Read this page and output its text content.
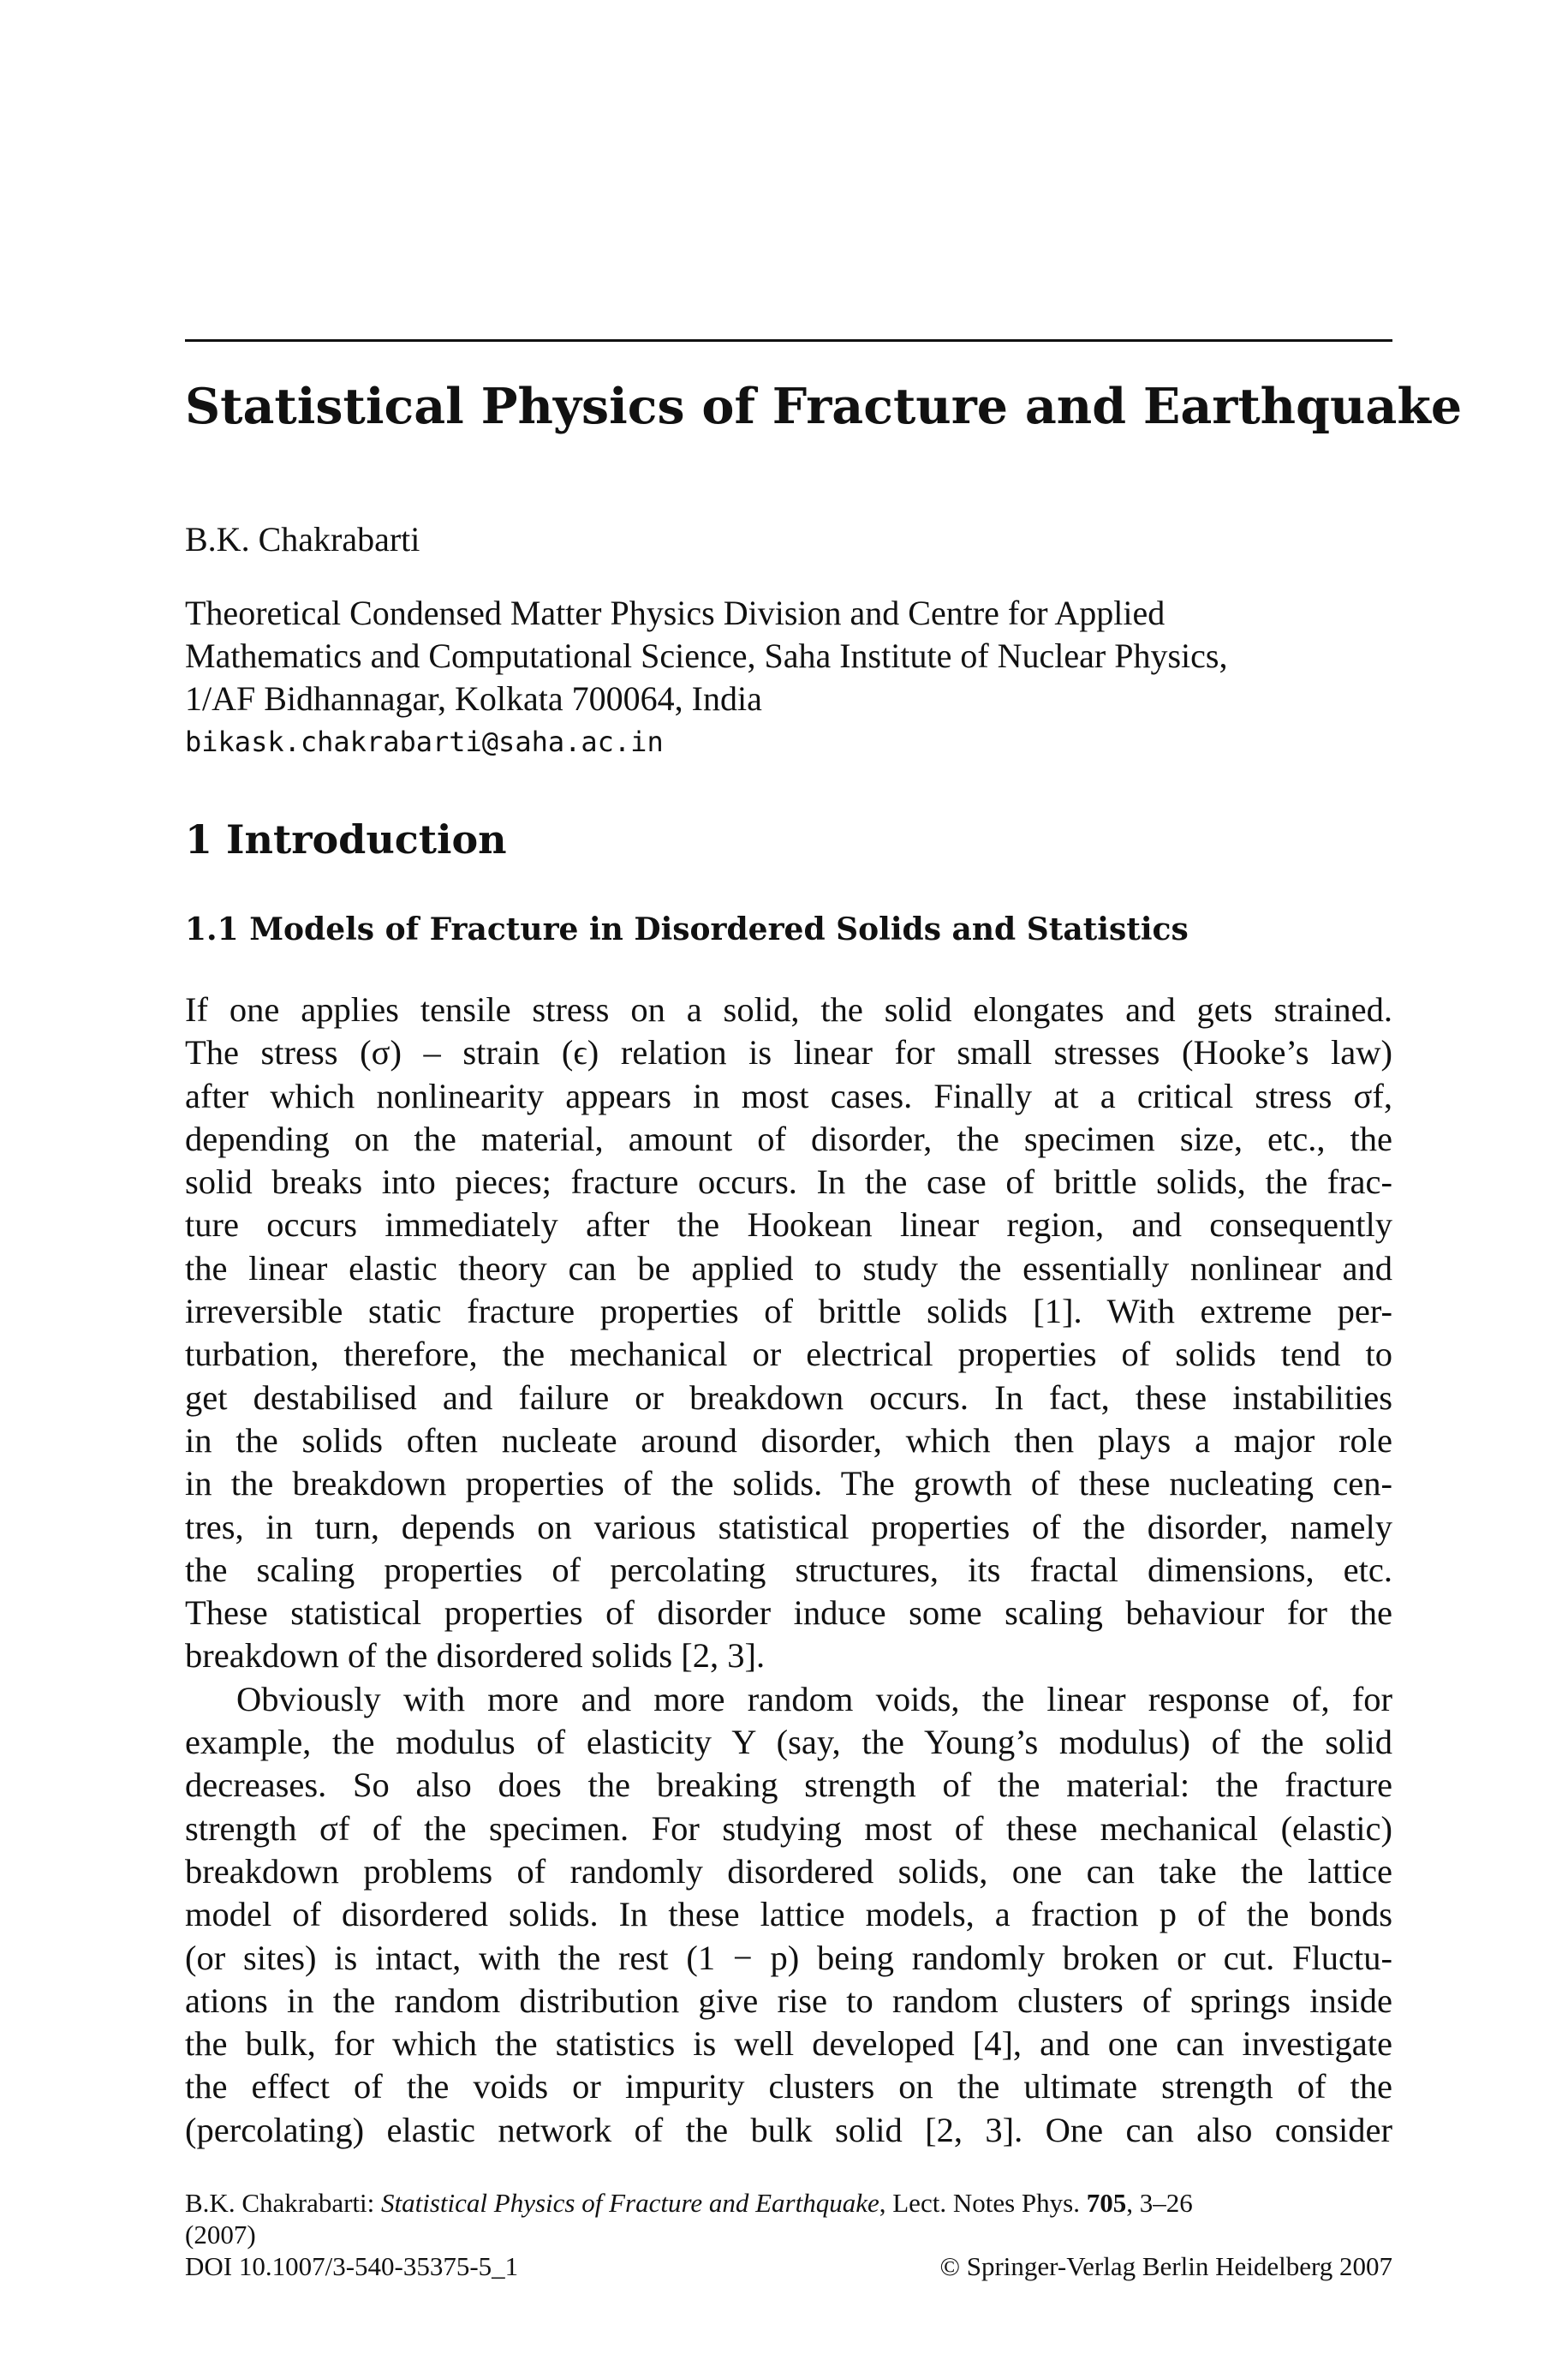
Statistical Physics of Fracture and Earthquake
B.K. Chakrabarti
Theoretical Condensed Matter Physics Division and Centre for Applied
Mathematics and Computational Science, Saha Institute of Nuclear Physics,
1/AF Bidhannagar, Kolkata 700064, India
bikask.chakrabarti@saha.ac.in
1 Introduction
1.1 Models of Fracture in Disordered Solids and Statistics
If one applies tensile stress on a solid, the solid elongates and gets strained.
The stress (σ) – strain (ϵ) relation is linear for small stresses (Hooke’s law)
after which nonlinearity appears in most cases. Finally at a critical stress σf,
depending on the material, amount of disorder, the specimen size, etc., the
solid breaks into pieces; fracture occurs. In the case of brittle solids, the frac-
ture occurs immediately after the Hookean linear region, and consequently
the linear elastic theory can be applied to study the essentially nonlinear and
irreversible static fracture properties of brittle solids [1]. With extreme per-
turbation, therefore, the mechanical or electrical properties of solids tend to
get destabilised and failure or breakdown occurs. In fact, these instabilities
in the solids often nucleate around disorder, which then plays a major role
in the breakdown properties of the solids. The growth of these nucleating cen-
tres, in turn, depends on various statistical properties of the disorder, namely
the scaling properties of percolating structures, its fractal dimensions, etc.
These statistical properties of disorder induce some scaling behaviour for the
breakdown of the disordered solids [2, 3].
Obviously with more and more random voids, the linear response of, for
example, the modulus of elasticity Y (say, the Young’s modulus) of the solid
decreases. So also does the breaking strength of the material: the fracture
strength σf of the specimen. For studying most of these mechanical (elastic)
breakdown problems of randomly disordered solids, one can take the lattice
model of disordered solids. In these lattice models, a fraction p of the bonds
(or sites) is intact, with the rest (1 − p) being randomly broken or cut. Fluctu-
ations in the random distribution give rise to random clusters of springs inside
the bulk, for which the statistics is well developed [4], and one can investigate
the effect of the voids or impurity clusters on the ultimate strength of the
(percolating) elastic network of the bulk solid [2, 3]. One can also consider
B.K. Chakrabarti: Statistical Physics of Fracture and Earthquake, Lect. Notes Phys. 705, 3–26
(2007)
DOI 10.1007/3-540-35375-5_1	© Springer-Verlag Berlin Heidelberg 2007
